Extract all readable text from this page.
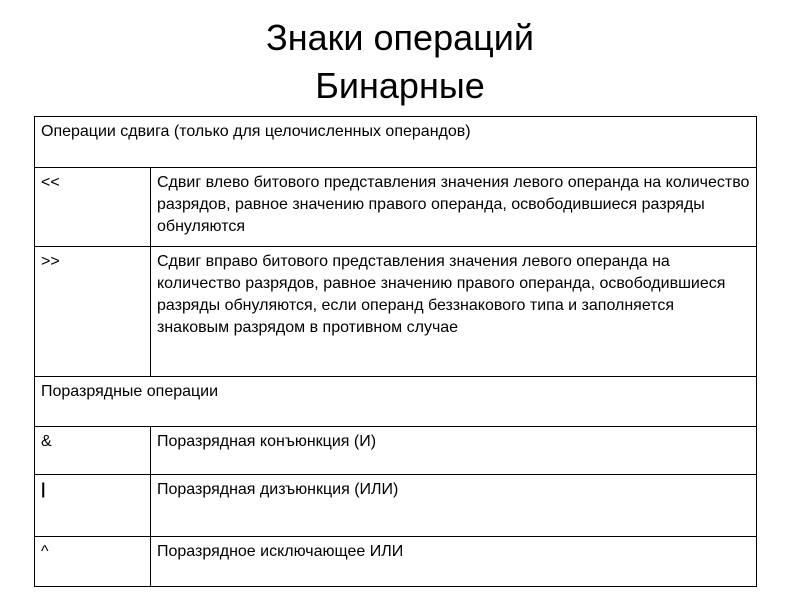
Знаки операций
Бинарные
Операции сдвига (только для целочисленных операндов)	
<<	Сдвиг влево битового представления значения левого операнда на количество разрядов, равное значению правого операнда, освободившиеся разряды обнуляются
>>	Сдвиг вправо битового представления значения левого операнда на количество разрядов, равное значению правого операнда, освободившиеся разряды обнуляются, если операнд беззнакового типа и заполняется знаковым разрядом в противном случае
Поразрядные операции	
&	Поразрядная конъюнкция (И)
|	Поразрядная дизъюнкция (ИЛИ)
^	Поразрядное исключающее ИЛИ
